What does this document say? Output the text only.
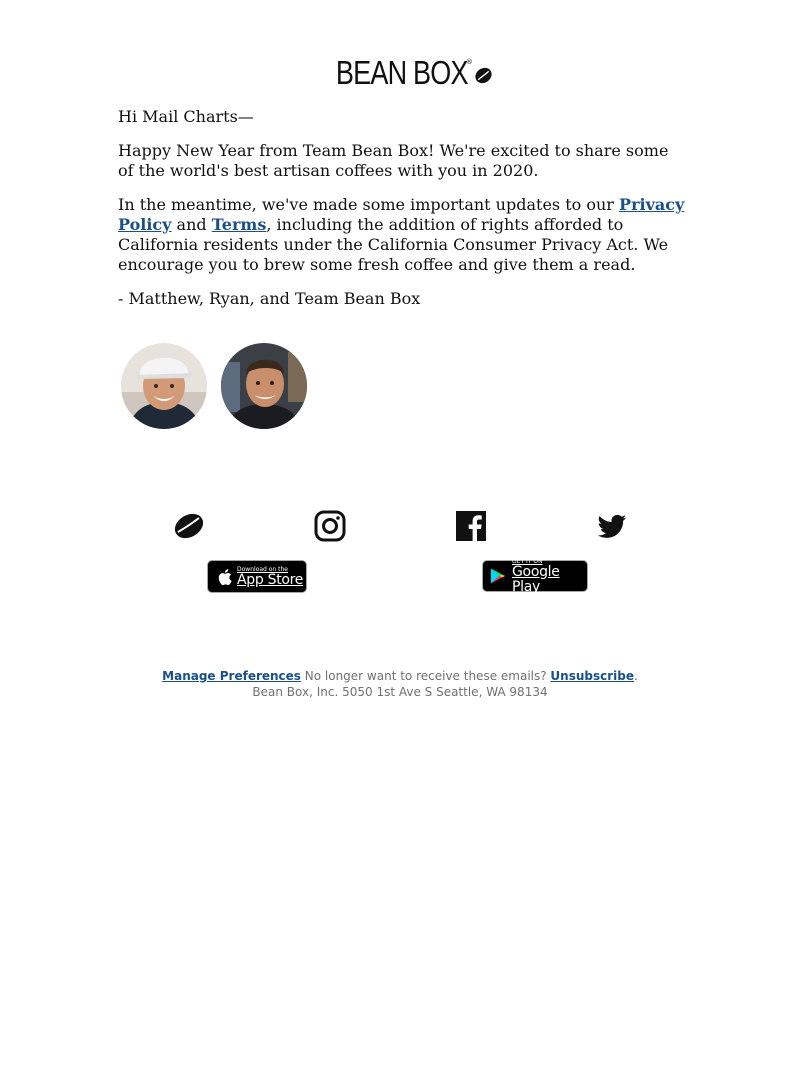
BEAN BOX
®

Hi Mail Charts—

Happy New Year from Team Bean Box! We're excited to share some of the world's best artisan coffees with you in 2020.

In the meantime, we've made some important updates to our Privacy Policy and Terms, including the addition of rights afforded to California residents under the California Consumer Privacy Act. We encourage you to brew some fresh coffee and give them a read.

- Matthew, Ryan, and Team Bean Box

Download on the
App Store
GET IT ON
Google Play
Manage Preferences No longer want to receive these emails? Unsubscribe.
Bean Box, Inc. 5050 1st Ave S Seattle, WA 98134
